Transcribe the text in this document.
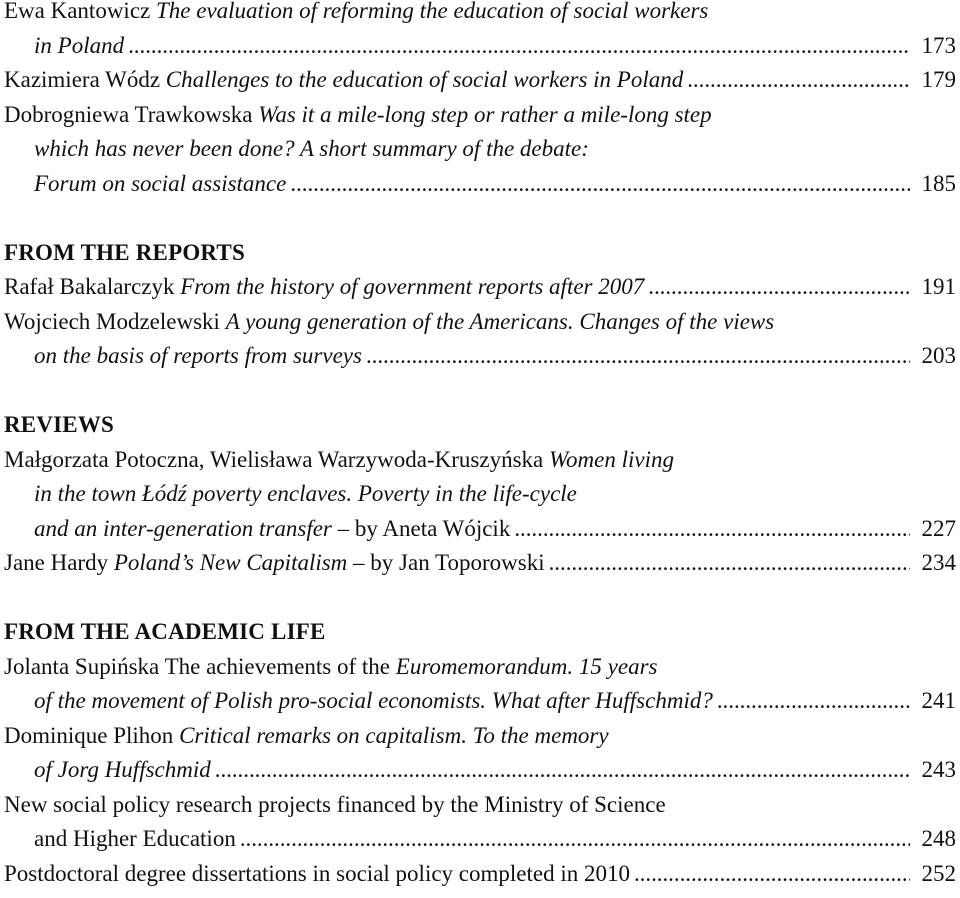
Ewa Kantowicz The evaluation of reforming the education of social workers
in Poland . . .	173
Kazimiera Wódz Challenges to the education of social workers in Poland . . .	179
Dobrogniewa Trawkowska Was it a mile-long step or rather a mile-long step
which has never been done? A short summary of the debate:
Forum on social assistance . . .	185
FROM THE REPORTS
Rafał Bakalarczyk From the history of government reports after 2007 . . .	191
Wojciech Modzelewski A young generation of the Americans. Changes of the views
on the basis of reports from surveys . . .	203
REVIEWS
Małgorzata Potoczna, Wielisława Warzywoda-Kruszyńska Women living
in the town Łódź poverty enclaves. Poverty in the life-cycle
and an inter-generation transfer – by Aneta Wójcik . . .	227
Jane Hardy Poland’s New Capitalism – by Jan Toporowski . . .	234
FROM THE ACADEMIC LIFE
Jolanta Supińska The achievements of the Euromemorandum. 15 years
of the movement of Polish pro-social economists. What after Huffschmid? . . .	241
Dominique Plihon Critical remarks on capitalism. To the memory
of Jorg Huffschmid . . .	243
New social policy research projects financed by the Ministry of Science
and Higher Education . . .	248
Postdoctoral degree dissertations in social policy completed in 2010 . . .	252
